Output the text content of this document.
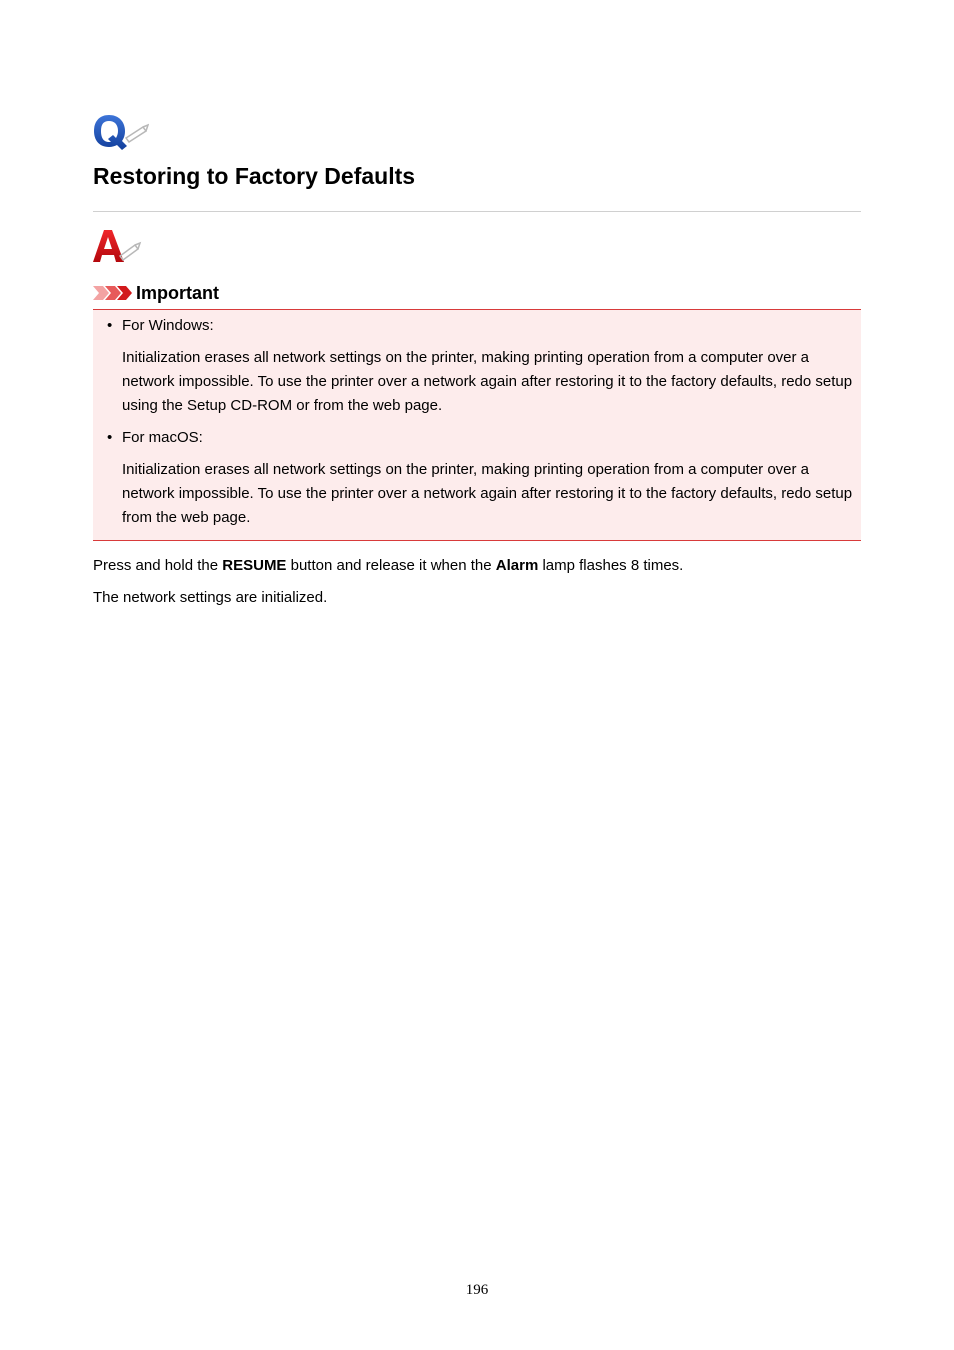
Restoring to Factory Defaults
Important
• For Windows:

Initialization erases all network settings on the printer, making printing operation from a computer over a network impossible. To use the printer over a network again after restoring it to the factory defaults, redo setup using the Setup CD-ROM or from the web page.

• For macOS:

Initialization erases all network settings on the printer, making printing operation from a computer over a network impossible. To use the printer over a network again after restoring it to the factory defaults, redo setup from the web page.

Press and hold the RESUME button and release it when the Alarm lamp flashes 8 times.

The network settings are initialized.

196
